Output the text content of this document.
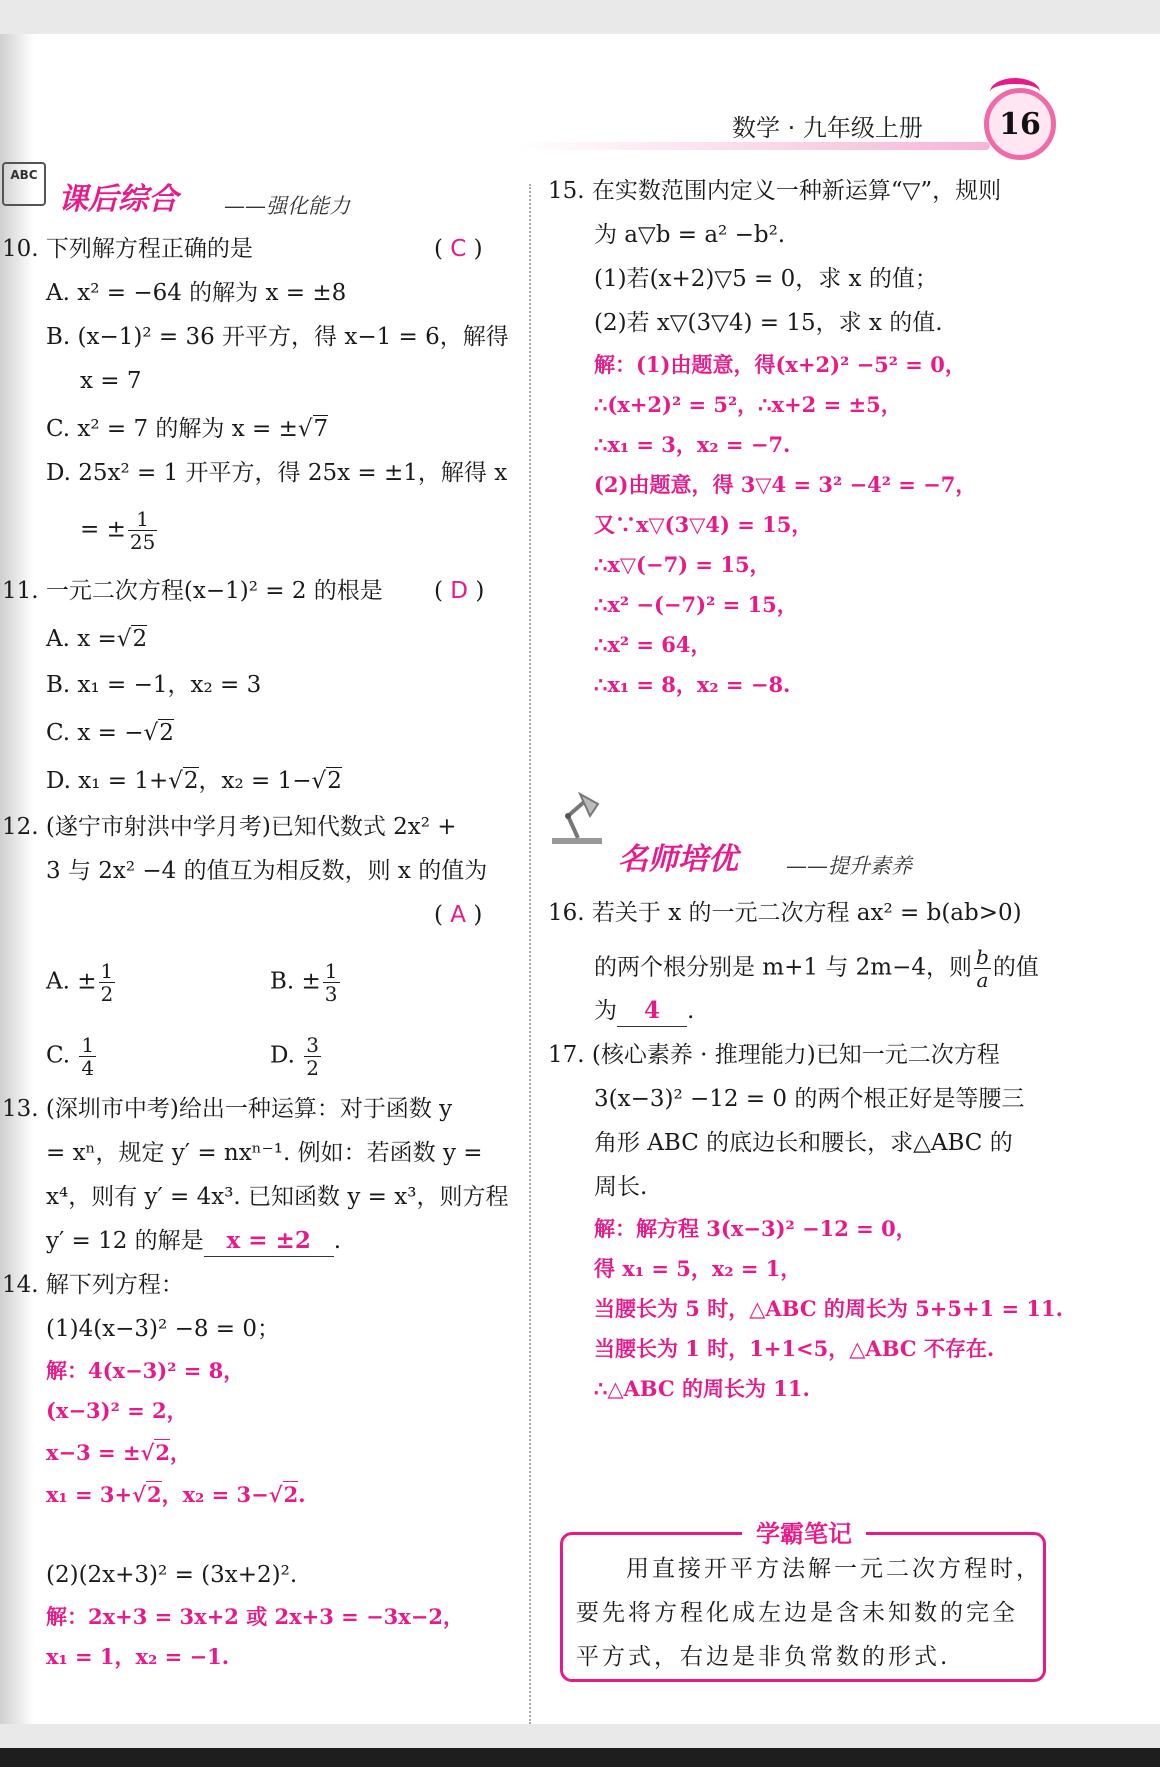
数学 · 九年级上册	16
ABC
课后综合 ——强化能力
10. 下列解方程正确的是	( C )
A. x² = −64 的解为 x = ±8
B. (x−1)² = 36 开平方，得 x−1 = 6，解得
x = 7
C. x² = 7 的解为 x = ±√7
D. 25x² = 1 开平方，得 25x = ±1，解得 x
= ± $\frac{1}{25}$
11. 一元二次方程(x−1)² = 2 的根是 ( D )
A. x =√2
B. x₁ = −1，x₂ = 3
C. x = −√2
D. x₁ = 1+√2，x₂ = 1−√2
12. (遂宁市射洪中学月考)已知代数式 2x² +
3 与 2x² −4 的值互为相反数，则 x 的值为
( A )
A. ± $\frac{1}{2}$	B. ± $\frac{1}{3}$
C. $\frac{1}{4}$	D. $\frac{3}{2}$
13. (深圳市中考)给出一种运算：对于函数 y
= xⁿ，规定 y′ = nxⁿ⁻¹. 例如：若函数 y =
x⁴，则有 y′ = 4x³. 已知函数 y = x³，则方程
y′ = 12 的解是 x = ±2 .
14. 解下列方程：
(1)4(x−3)² −8 = 0；
解：4(x−3)² = 8，
(x−3)² = 2，
x−3 = ±√2，
x₁ = 3+√2，x₂ = 3−√2.
(2)(2x+3)² = (3x+2)².
解：2x+3 = 3x+2 或 2x+3 = −3x−2，
x₁ = 1，x₂ = −1.
15. 在实数范围内定义一种新运算“▽”，规则
为 a▽b = a² −b².
(1)若(x+2)▽5 = 0，求 x 的值；
(2)若 x▽(3▽4) = 15，求 x 的值.
解：(1)由题意，得(x+2)² −5² = 0，
∴(x+2)² = 5²，∴x+2 = ±5，
∴x₁ = 3，x₂ = −7.
(2)由题意，得 3▽4 = 3² −4² = −7，
又∵x▽(3▽4) = 15，
∴x▽(−7) = 15，
∴x² −(−7)² = 15，
∴x² = 64，
∴x₁ = 8，x₂ = −8.
名师培优 ——提升素养
16. 若关于 x 的一元二次方程 ax² = b(ab>0)
的两个根分别是 m+1 与 2m−4，则 $\frac{b}{a}$ 的值
为 4 .
17. (核心素养 · 推理能力)已知一元二次方程
3(x−3)² −12 = 0 的两个根正好是等腰三
角形 ABC 的底边长和腰长，求△ABC 的
周长.
解：解方程 3(x−3)² −12 = 0，
得 x₁ = 5，x₂ = 1，
当腰长为 5 时，△ABC 的周长为 5+5+1 = 11.
当腰长为 1 时，1+1<5，△ABC 不存在.
∴△ABC 的周长为 11.
学霸笔记
用直接开平方法解一元二次方程时，
要先将方程化成左边是含未知数的完全
平方式，右边是非负常数的形式.
